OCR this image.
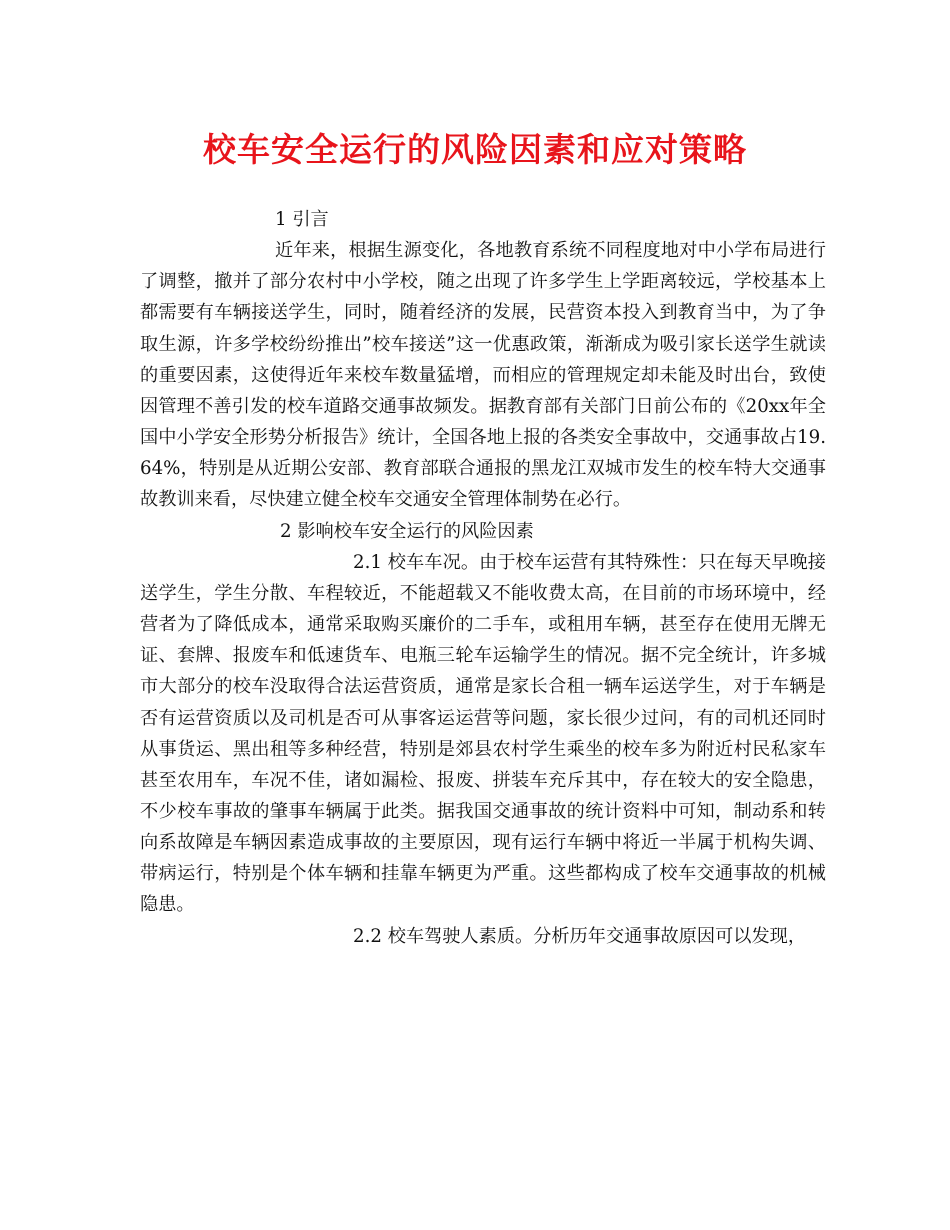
校车安全运行的风险因素和应对策略

1 引言

近年来，根据生源变化，各地教育系统不同程度地对中小学布局进行了调整，撤并了部分农村中小学校，随之出现了许多学生上学距离较远，学校基本上都需要有车辆接送学生，同时，随着经济的发展，民营资本投入到教育当中，为了争取生源，许多学校纷纷推出”校车接送”这一优惠政策，渐渐成为吸引家长送学生就读的重要因素，这使得近年来校车数量猛增，而相应的管理规定却未能及时出台，致使因管理不善引发的校车道路交通事故频发。据教育部有关部门日前公布的《20xx年全国中小学安全形势分析报告》统计，全国各地上报的各类安全事故中，交通事故占19.64%，特别是从近期公安部、教育部联合通报的黑龙江双城市发生的校车特大交通事故教训来看，尽快建立健全校车交通安全管理体制势在必行。

2 影响校车安全运行的风险因素

2.1 校车车况。由于校车运营有其特殊性：只在每天早晚接送学生，学生分散、车程较近，不能超载又不能收费太高，在目前的市场环境中，经营者为了降低成本，通常采取购买廉价的二手车，或租用车辆，甚至存在使用无牌无证、套牌、报废车和低速货车、电瓶三轮车运输学生的情况。据不完全统计，许多城市大部分的校车没取得合法运营资质，通常是家长合租一辆车运送学生，对于车辆是否有运营资质以及司机是否可从事客运运营等问题，家长很少过问，有的司机还同时从事货运、黑出租等多种经营，特别是郊县农村学生乘坐的校车多为附近村民私家车甚至农用车，车况不佳，诸如漏检、报废、拼装车充斥其中，存在较大的安全隐患，不少校车事故的肇事车辆属于此类。据我国交通事故的统计资料中可知，制动系和转向系故障是车辆因素造成事故的主要原因，现有运行车辆中将近一半属于机构失调、带病运行，特别是个体车辆和挂靠车辆更为严重。这些都构成了校车交通事故的机械隐患。

2.2 校车驾驶人素质。分析历年交通事故原因可以发现，
